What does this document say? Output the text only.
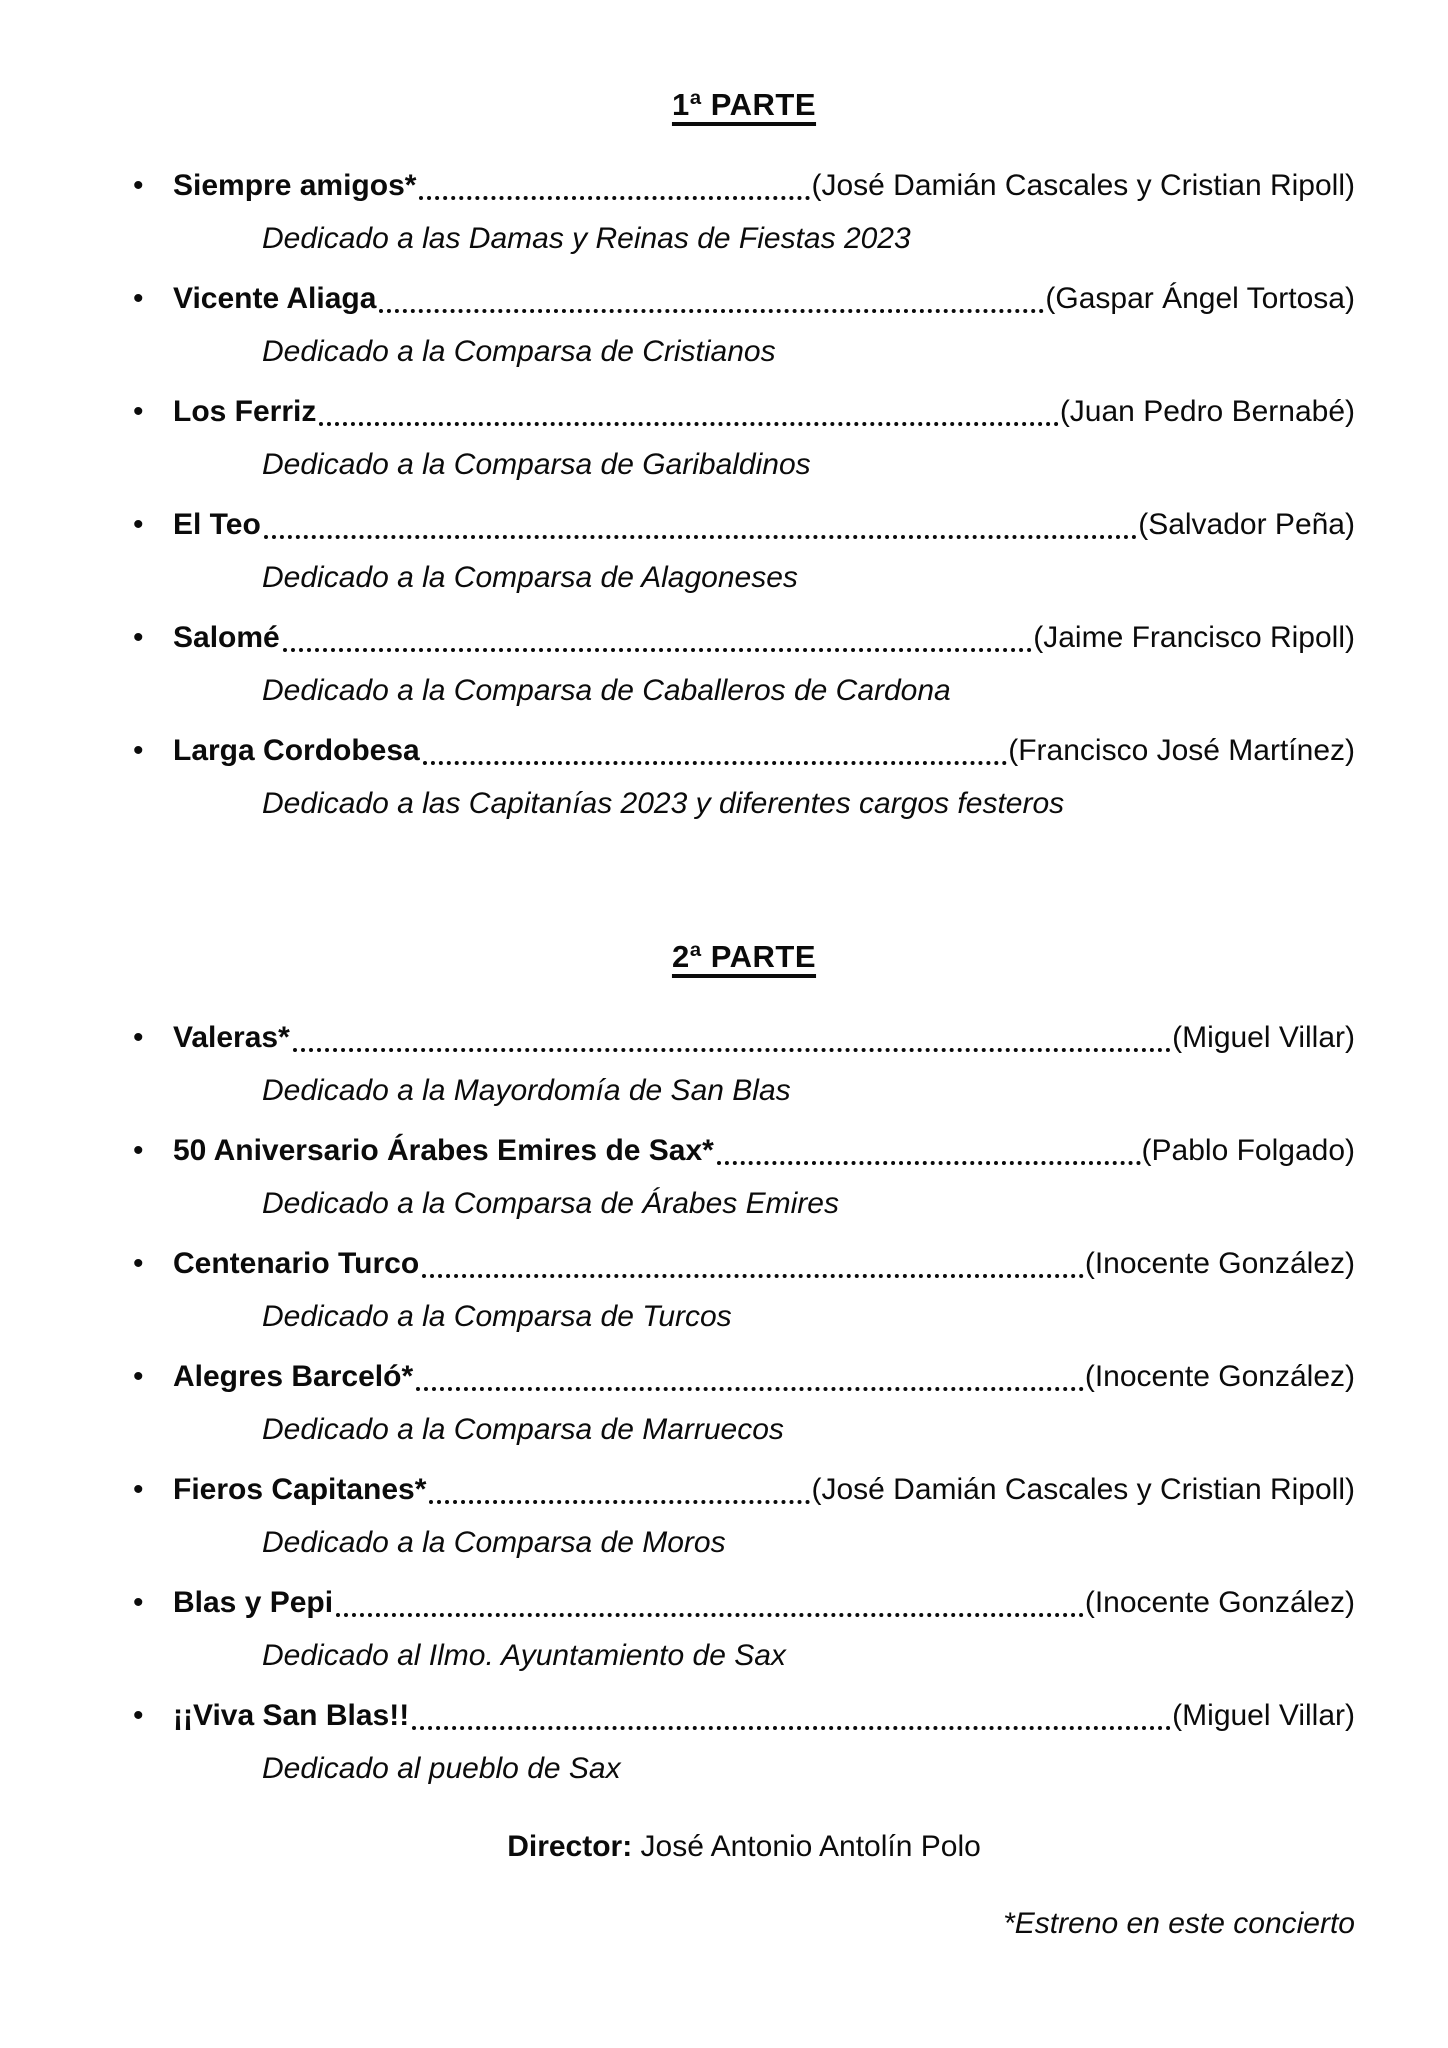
1ª PARTE
• Siempre amigos*	(José Damián Cascales y Cristian Ripoll)
Dedicado a las Damas y Reinas de Fiestas 2023
• Vicente Aliaga	(Gaspar Ángel Tortosa)
Dedicado a la Comparsa de Cristianos
• Los Ferriz	(Juan Pedro Bernabé)
Dedicado a la Comparsa de Garibaldinos
• El Teo	(Salvador Peña)
Dedicado a la Comparsa de Alagoneses
• Salomé	(Jaime Francisco Ripoll)
Dedicado a la Comparsa de Caballeros de Cardona
• Larga Cordobesa	(Francisco José Martínez)
Dedicado a las Capitanías 2023 y diferentes cargos festeros
2ª PARTE
• Valeras*	(Miguel Villar)
Dedicado a la Mayordomía de San Blas
• 50 Aniversario Árabes Emires de Sax*	(Pablo Folgado)
Dedicado a la Comparsa de Árabes Emires
• Centenario Turco	(Inocente González)
Dedicado a la Comparsa de Turcos
• Alegres Barceló*	(Inocente González)
Dedicado a la Comparsa de Marruecos
• Fieros Capitanes*	(José Damián Cascales y Cristian Ripoll)
Dedicado a la Comparsa de Moros
• Blas y Pepi	(Inocente González)
Dedicado al Ilmo. Ayuntamiento de Sax
• ¡¡Viva San Blas!!	(Miguel Villar)
Dedicado al pueblo de Sax
Director: José Antonio Antolín Polo
*Estreno en este concierto
